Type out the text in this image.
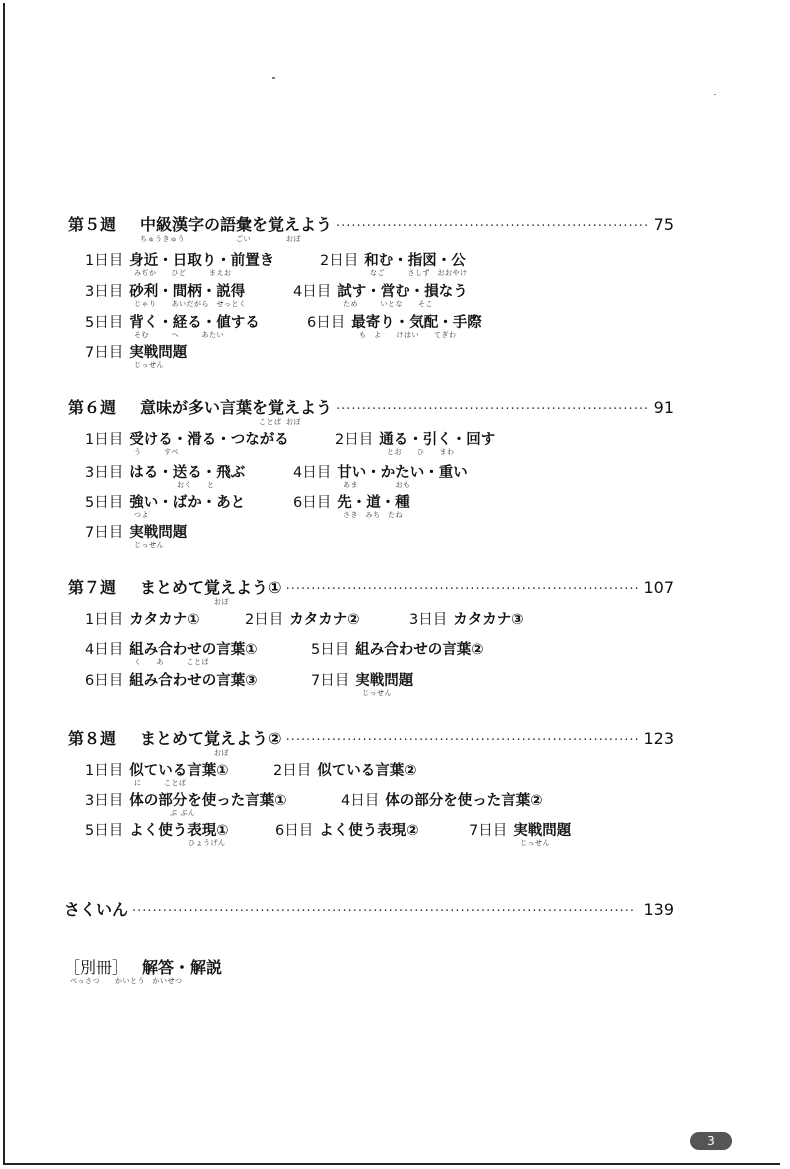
第５週	中級漢字の語彙を覚えよう ·····	75
ちゅうきゅう	ごい	おぼ
1日目 身近・日取り・前置き	2日目 和む・指図・公
みぢか　　ひど　　　まえお	なご　　　さしず　おおやけ
3日目 砂利・間柄・説得	4日目 試す・営む・損なう
じゃり　　あいだがら　せっとく	ため　　　いとな　　そこ
5日目 背く・経る・値する	6日目 最寄り・気配・手際
そむ　　　へ　　　あたい	も　よ　　けはい　　てぎわ
7日目 実戦問題
じっせん
第６週	意味が多い言葉を覚えよう ·····	91
ことば おぼ
1日目 受ける・滑る・つながる	2日目 通る・引く・回す
う　　　すべ	とお　　ひ　　まわ
3日目 はる・送る・飛ぶ	4日目 甘い・かたい・重い
おく　　と	あま　　　　　おも
5日目 強い・ばか・あと	6日目 先・道・種
つよ	さき　みち　たね
7日目 実戦問題
じっせん
第７週	まとめて覚えよう① ·····	107
おぼ
1日目 カタカナ①	2日目 カタカナ②	3日目 カタカナ③
4日目 組み合わせの言葉①	5日目 組み合わせの言葉②
く　　あ　　　ことば
6日目 組み合わせの言葉③	7日目 実戦問題
じっせん
第８週	まとめて覚えよう② ·····	123
おぼ
1日目 似ている言葉①	2日目 似ている言葉②
に　　　ことば
3日目 体の部分を使った言葉①	4日目 体の部分を使った言葉②
ぶ ぶん
5日目 よく使う表現①	6日目 よく使う表現②	7日目 実戦問題
ひょうげん	じっせん
さくいん ·····	139
［別冊］ 解答・解説
べっさつ　　かいとう　かいせつ
3
